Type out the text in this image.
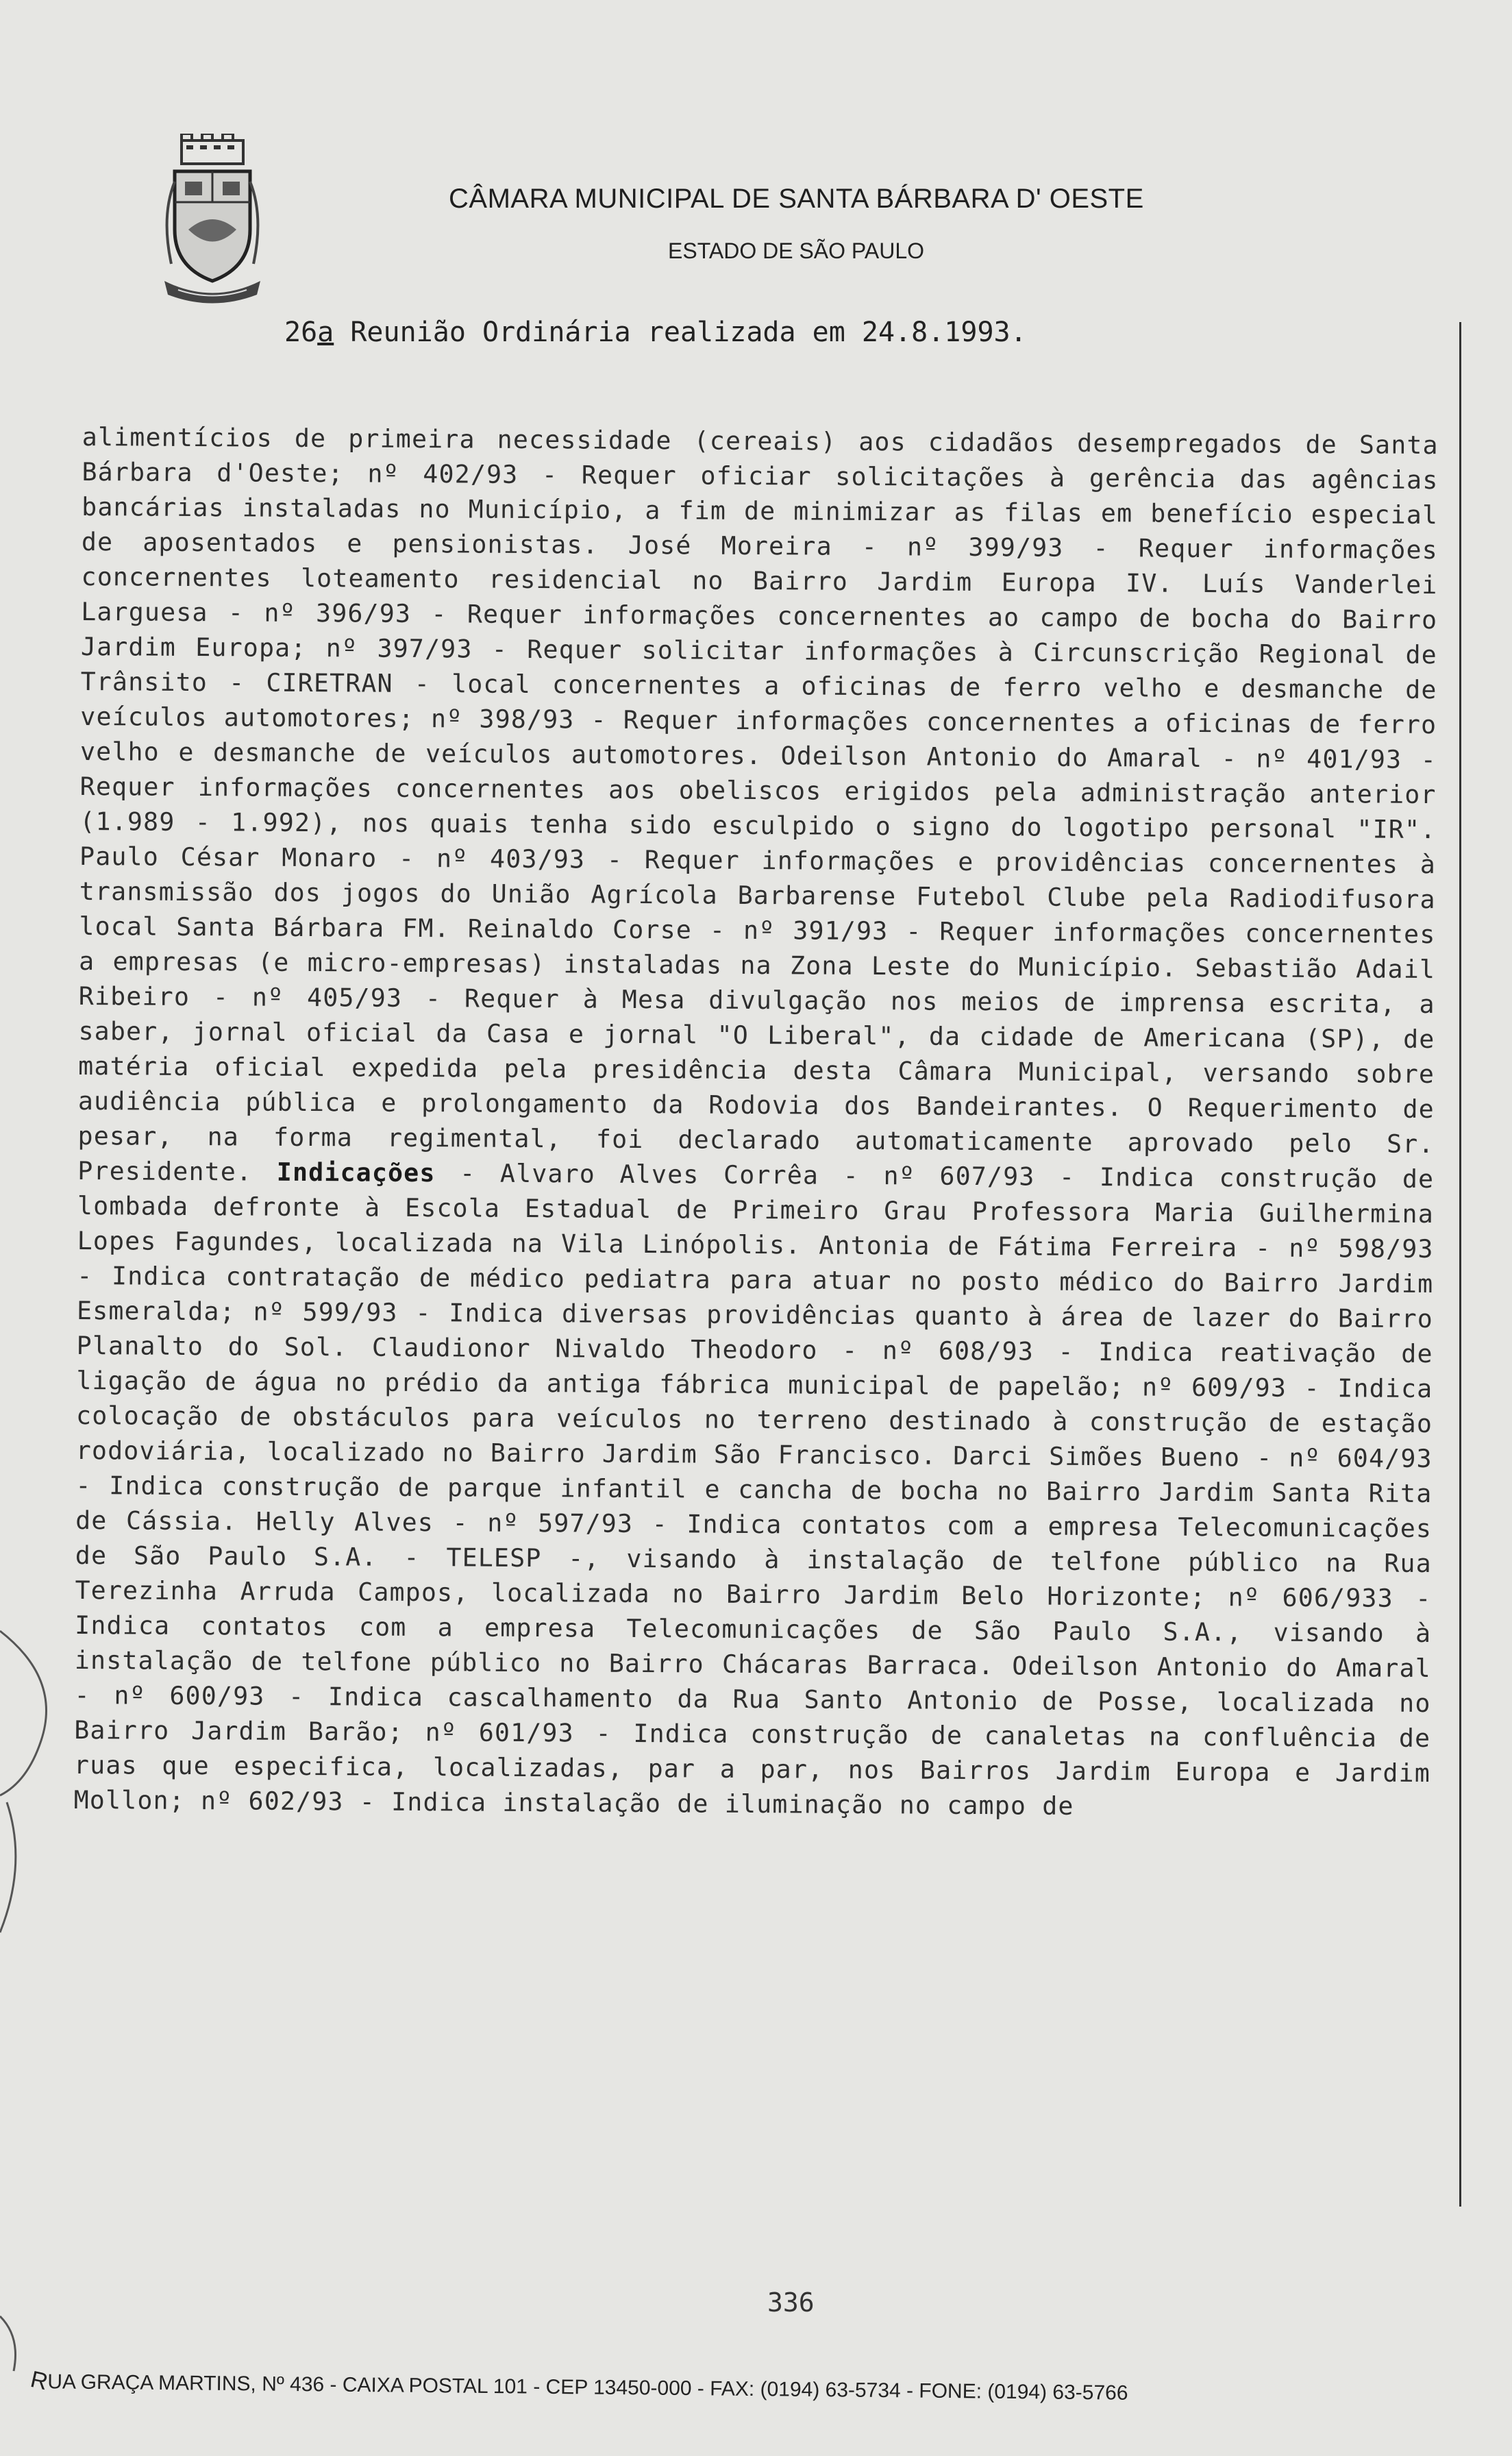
CÂMARA MUNICIPAL DE SANTA BÁRBARA D' OESTE
ESTADO DE SÃO PAULO
26a Reunião Ordinária realizada em 24.8.1993.
alimentícios de primeira necessidade (cereais) aos cidadãos desempregados de Santa Bárbara d'Oeste; nº 402/93 - Requer oficiar solicitações à gerência das agências bancárias instaladas no Município, a fim de minimizar as filas em benefício especial de aposentados e pensionistas. José Moreira - nº 399/93 - Requer informações concernentes loteamento residencial no Bairro Jardim Europa IV. Luís Vanderlei Larguesa - nº 396/93 - Requer informações concernentes ao campo de bocha do Bairro Jardim Europa; nº 397/93 - Requer solicitar informações à Circunscrição Regional de Trânsito - CIRETRAN - local concernentes a oficinas de ferro velho e desmanche de veículos automotores; nº 398/93 - Requer informações concernentes a oficinas de ferro velho e desmanche de veículos automotores. Odeilson Antonio do Amaral - nº 401/93 - Requer informações concernentes aos obeliscos erigidos pela administração anterior (1.989 - 1.992), nos quais tenha sido esculpido o signo do logotipo personal "IR". Paulo César Monaro - nº 403/93 - Requer informações e providências concernentes à transmissão dos jogos do União Agrícola Barbarense Futebol Clube pela Radiodifusora local Santa Bárbara FM. Reinaldo Corse - nº 391/93 - Requer informações concernentes a empresas (e micro-empresas) instaladas na Zona Leste do Município. Sebastião Adail Ribeiro - nº 405/93 - Requer à Mesa divulgação nos meios de imprensa escrita, a saber, jornal oficial da Casa e jornal "O Liberal", da cidade de Americana (SP), de matéria oficial expedida pela presidência desta Câmara Municipal, versando sobre audiência pública e prolongamento da Rodovia dos Bandeirantes. O Requerimento de pesar, na forma regimental, foi declarado automaticamente aprovado pelo Sr. Presidente. Indicações - Alvaro Alves Corrêa - nº 607/93 - Indica construção de lombada defronte à Escola Estadual de Primeiro Grau Professora Maria Guilhermina Lopes Fagundes, localizada na Vila Linópolis. Antonia de Fátima Ferreira - nº 598/93 - Indica contratação de médico pediatra para atuar no posto médico do Bairro Jardim Esmeralda; nº 599/93 - Indica diversas providências quanto à área de lazer do Bairro Planalto do Sol. Claudionor Nivaldo Theodoro - nº 608/93 - Indica reativação de ligação de água no prédio da antiga fábrica municipal de papelão; nº 609/93 - Indica colocação de obstáculos para veículos no terreno destinado à construção de estação rodoviária, localizado no Bairro Jardim São Francisco. Darci Simões Bueno - nº 604/93 - Indica construção de parque infantil e cancha de bocha no Bairro Jardim Santa Rita de Cássia. Helly Alves - nº 597/93 - Indica contatos com a empresa Telecomunicações de São Paulo S.A. - TELESP -, visando à instalação de telfone público na Rua Terezinha Arruda Campos, localizada no Bairro Jardim Belo Horizonte; nº 606/933 - Indica contatos com a empresa Telecomunicações de São Paulo S.A., visando à instalação de telfone público no Bairro Chácaras Barraca. Odeilson Antonio do Amaral - nº 600/93 - Indica cascalhamento da Rua Santo Antonio de Posse, localizada no Bairro Jardim Barão; nº 601/93 - Indica construção de canaletas na confluência de ruas que especifica, localizadas, par a par, nos Bairros Jardim Europa e Jardim Mollon; nº 602/93 - Indica instalação de iluminação no campo de
336
RUA GRAÇA MARTINS, Nº 436 - CAIXA POSTAL 101 - CEP 13450-000 - FAX: (0194) 63-5734 - FONE: (0194) 63-5766
